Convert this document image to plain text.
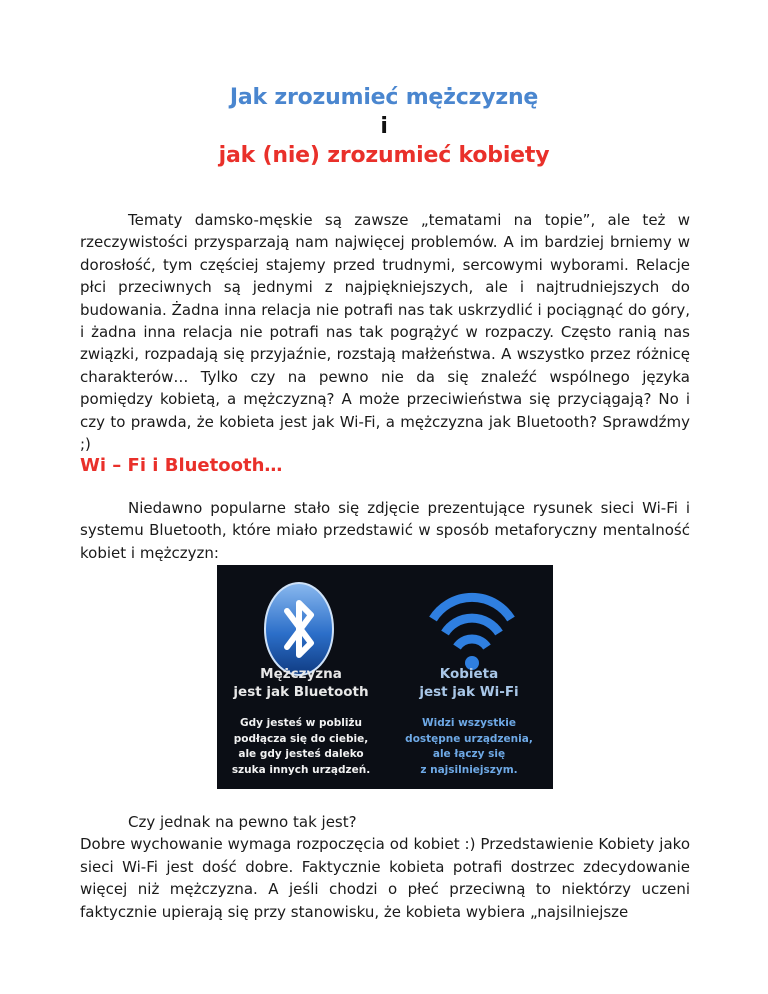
Jak zrozumieć mężczyznę
i
jak (nie) zrozumieć kobiety

Tematy damsko-męskie są zawsze „tematami na topie”, ale też w rzeczywistości przysparzają nam najwięcej problemów. A im bardziej brniemy w dorosłość, tym częściej stajemy przed trudnymi, sercowymi wyborami. Relacje płci przeciwnych są jednymi z najpiękniejszych, ale i najtrudniejszych do budowania. Żadna inna relacja nie potrafi nas tak uskrzydlić i pociągnąć do góry, i żadna inna relacja nie potrafi nas tak pogrążyć w rozpaczy. Często ranią nas związki, rozpadają się przyjaźnie, rozstają małżeństwa. A wszystko przez różnicę charakterów… Tylko czy na pewno nie da się znaleźć wspólnego języka pomiędzy kobietą, a mężczyzną? A może przeciwieństwa się przyciągają? No i czy to prawda, że kobieta jest jak Wi-Fi, a mężczyzna jak Bluetooth? Sprawdźmy ;)

Wi – Fi i Bluetooth…

Niedawno popularne stało się zdjęcie prezentujące rysunek sieci Wi-Fi i systemu Bluetooth, które miało przedstawić w sposób metaforyczny mentalność kobiet i mężczyzn:

Mężczyzna
jest jak Bluetooth
Kobieta
jest jak Wi-Fi
Gdy jesteś w pobliżu
podłącza się do ciebie,
ale gdy jesteś daleko
szuka innych urządzeń.
Widzi wszystkie
dostępne urządzenia,
ale łączy się
z najsilniejszym.
Czy jednak na pewno tak jest?
Dobre wychowanie wymaga rozpoczęcia od kobiet :) Przedstawienie Kobiety jako sieci Wi-Fi jest dość dobre. Faktycznie kobieta potrafi dostrzec zdecydowanie więcej niż mężczyzna. A jeśli chodzi o płeć przeciwną to niektórzy uczeni faktycznie upierają się przy stanowisku, że kobieta wybiera „najsilniejsze
